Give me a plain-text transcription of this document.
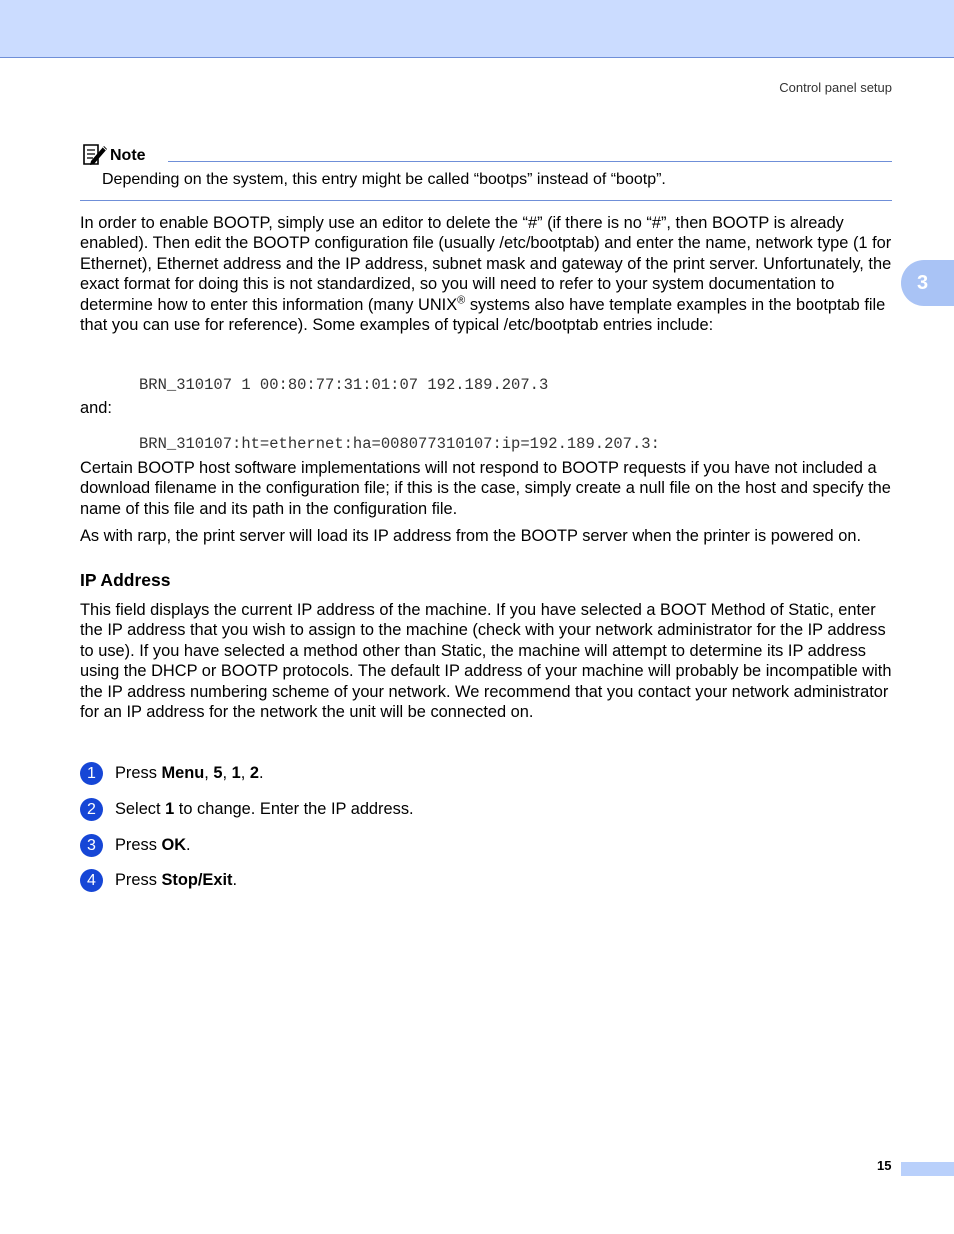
Control panel setup
3
Note
Depending on the system, this entry might be called “bootps” instead of “bootp”.
In order to enable BOOTP, simply use an editor to delete the “#” (if there is no “#”, then BOOTP is already enabled). Then edit the BOOTP configuration file (usually /etc/bootptab) and enter the name, network type (1 for Ethernet), Ethernet address and the IP address, subnet mask and gateway of the print server. Unfortunately, the exact format for doing this is not standardized, so you will need to refer to your system documentation to determine how to enter this information (many UNIX® systems also have template examples in the bootptab file that you can use for reference). Some examples of typical /etc/bootptab entries include:
BRN_310107 1 00:80:77:31:01:07 192.189.207.3
and:
BRN_310107:ht=ethernet:ha=008077310107:ip=192.189.207.3:
Certain BOOTP host software implementations will not respond to BOOTP requests if you have not included a download filename in the configuration file; if this is the case, simply create a null file on the host and specify the name of this file and its path in the configuration file.
As with rarp, the print server will load its IP address from the BOOTP server when the printer is powered on.
IP Address
This field displays the current IP address of the machine. If you have selected a BOOT Method of Static, enter the IP address that you wish to assign to the machine (check with your network administrator for the IP address to use). If you have selected a method other than Static, the machine will attempt to determine its IP address using the DHCP or BOOTP protocols. The default IP address of your machine will probably be incompatible with the IP address numbering scheme of your network. We recommend that you contact your network administrator for an IP address for the network the unit will be connected on.
1	Press Menu, 5, 1, 2.
2	Select 1 to change. Enter the IP address.
3	Press OK.
4	Press Stop/Exit.
15
